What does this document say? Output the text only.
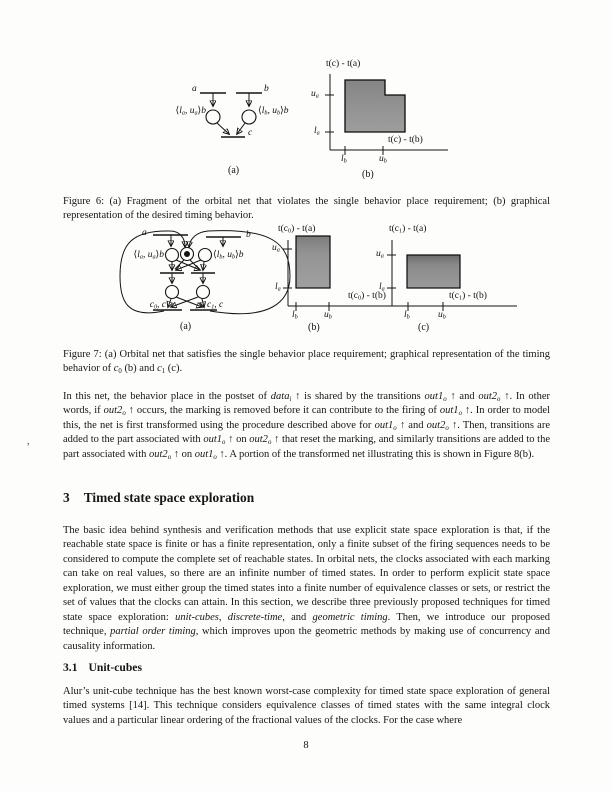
a	b
⟨la, ua⟩b	⟨lb, ub⟩b
c
(a)
t(c) - t(a)
t(c) - t(b)
ua
la
lb	ub
(b)

Figure 6: (a) Fragment of the orbital net that violates the single behavior place requirement; (b) graphical representation of the desired timing behavior.

a	b
⟨la, ua⟩b	⟨lb, ub⟩b
c0, c	c1, c
(a)
t(c0) - t(a)
t(c0) - t(b)
ua
la
lb	ub
(b)
t(c1) - t(a)
t(c1) - t(b)
ua
la
lb	ub
(c)

Figure 7: (a) Orbital net that satisfies the single behavior place requirement; graphical representation of the timing behavior of c0 (b) and c1 (c).

,

In this net, the behavior place in the postset of datai ↑ is shared by the transitions out1o ↑ and out2o ↑. In other words, if out2o ↑ occurs, the marking is removed before it can contribute to the firing of out1o ↑. In order to model this, the net is first transformed using the procedure described above for out1o ↑ and out2o ↑. Then, transitions are added to the part associated with out1o ↑ on out2o ↑ that reset the marking, and similarly transitions are added to the part associated with out2o ↑ on out1o ↑. A portion of the transformed net illustrating this is shown in Figure 8(b).

3 Timed state space exploration

The basic idea behind synthesis and verification methods that use explicit state space exploration is that, if the reachable state space is finite or has a finite representation, only a finite subset of the firing sequences needs to be considered to compute the complete set of reachable states. In orbital nets, the clocks associated with each marking can take on real values, so there are an infinite number of timed states. In order to perform explicit state space exploration, we must either group the timed states into a finite number of equivalence classes or sets, or restrict the set of values that the clocks can attain. In this section, we describe three previously proposed techniques for timed state space exploration: unit-cubes, discrete-time, and geometric timing. Then, we introduce our proposed technique, partial order timing, which improves upon the geometric methods by making use of concurrency and causality information.

3.1 Unit-cubes

Alur’s unit-cube technique has the best known worst-case complexity for timed state space exploration of general timed systems [14]. This technique considers equivalence classes of timed states with the same integral clock values and a particular linear ordering of the fractional values of the clocks. For the case where

8
